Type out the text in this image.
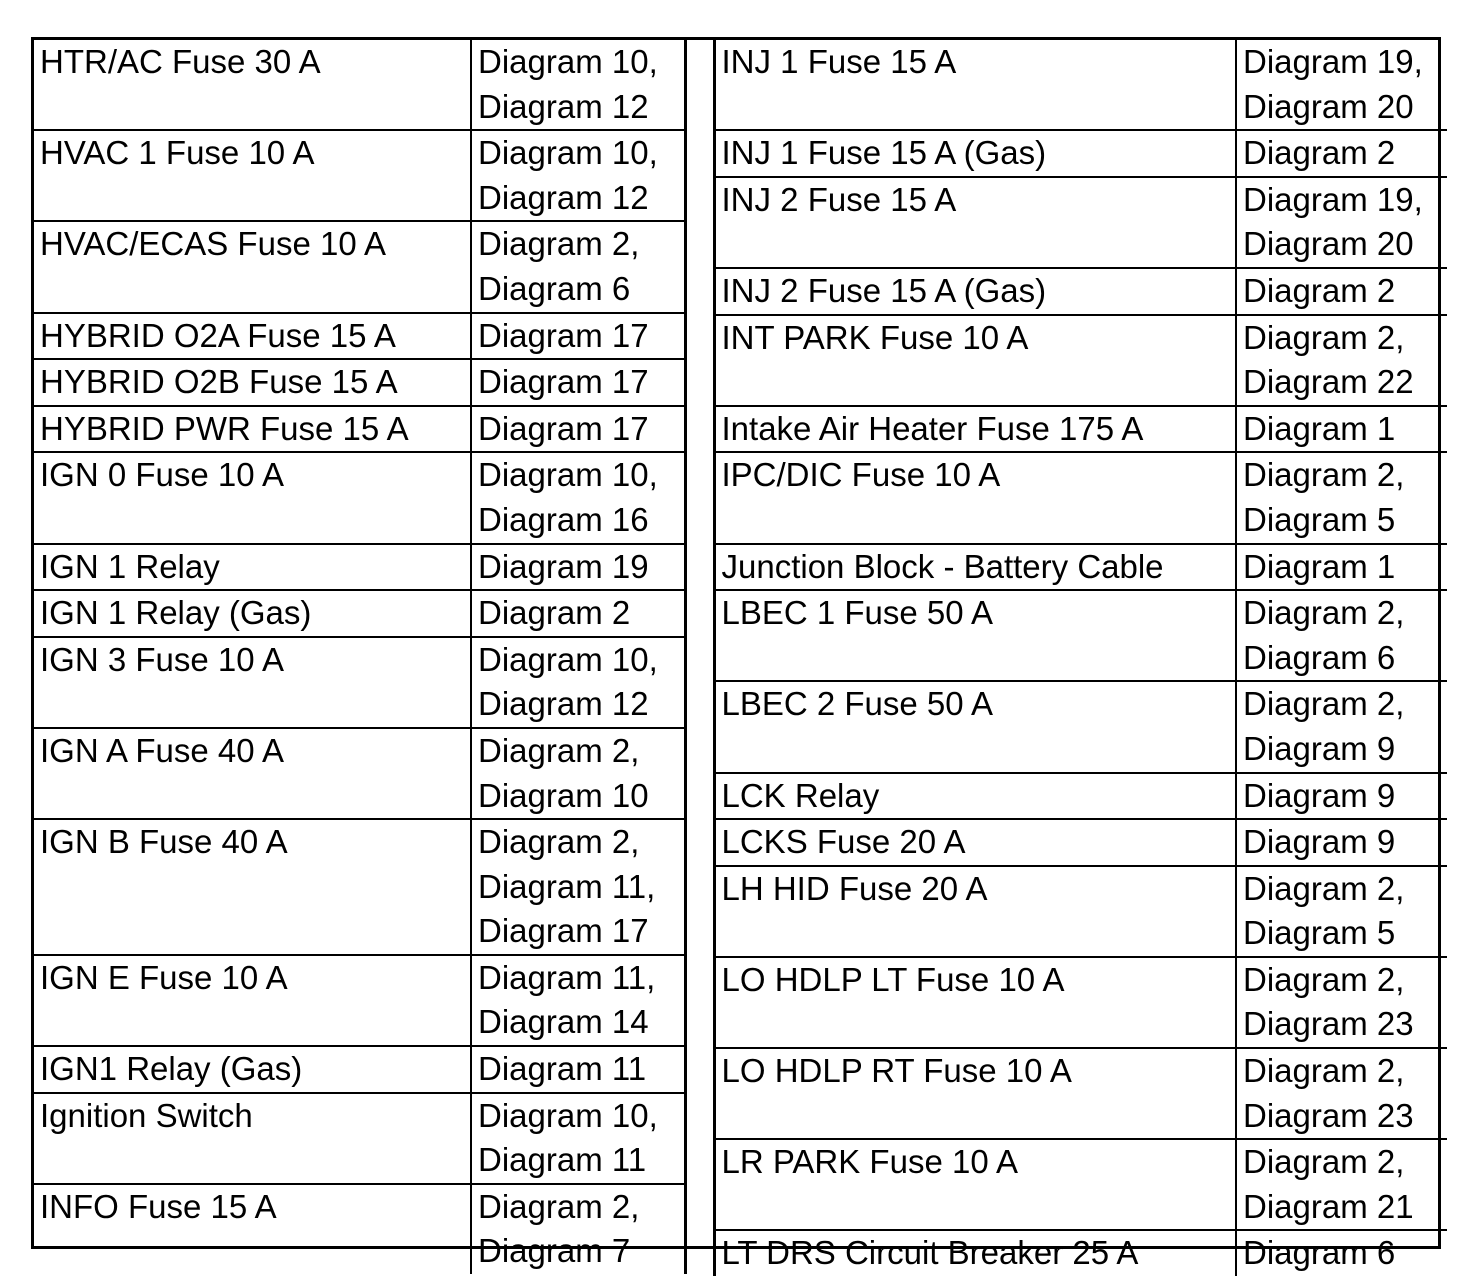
HTR/AC Fuse 30 A	Diagram 10,
Diagram 12

HVAC 1 Fuse 10 A	Diagram 10,
Diagram 12

HVAC/ECAS Fuse 10 A	Diagram 2,
Diagram 6

HYBRID O2A Fuse 15 A	Diagram 17

HYBRID O2B Fuse 15 A	Diagram 17

HYBRID PWR Fuse 15 A	Diagram 17

IGN 0 Fuse 10 A	Diagram 10,
Diagram 16

IGN 1 Relay	Diagram 19

IGN 1 Relay (Gas)	Diagram 2

IGN 3 Fuse 10 A	Diagram 10,
Diagram 12

IGN A Fuse 40 A	Diagram 2,
Diagram 10

IGN B Fuse 40 A	Diagram 2,
Diagram 11,
Diagram 17

IGN E Fuse 10 A	Diagram 11,
Diagram 14

IGN1 Relay (Gas)	Diagram 11

Ignition Switch	Diagram 10,
Diagram 11

INFO Fuse 15 A	Diagram 2,
Diagram 7
INJ 1 Fuse 15 A	Diagram 19,
Diagram 20

INJ 1 Fuse 15 A (Gas)	Diagram 2

INJ 2 Fuse 15 A	Diagram 19,
Diagram 20

INJ 2 Fuse 15 A (Gas)	Diagram 2

INT PARK Fuse 10 A	Diagram 2,
Diagram 22

Intake Air Heater Fuse 175 A	Diagram 1

IPC/DIC Fuse 10 A	Diagram 2,
Diagram 5

Junction Block - Battery Cable	Diagram 1

LBEC 1 Fuse 50 A	Diagram 2,
Diagram 6

LBEC 2 Fuse 50 A	Diagram 2,
Diagram 9

LCK Relay	Diagram 9

LCKS Fuse 20 A	Diagram 9

LH HID Fuse 20 A	Diagram 2,
Diagram 5

LO HDLP LT Fuse 10 A	Diagram 2,
Diagram 23

LO HDLP RT Fuse 10 A	Diagram 2,
Diagram 23

LR PARK Fuse 10 A	Diagram 2,
Diagram 21

LT DRS Circuit Breaker 25 A	Diagram 6
